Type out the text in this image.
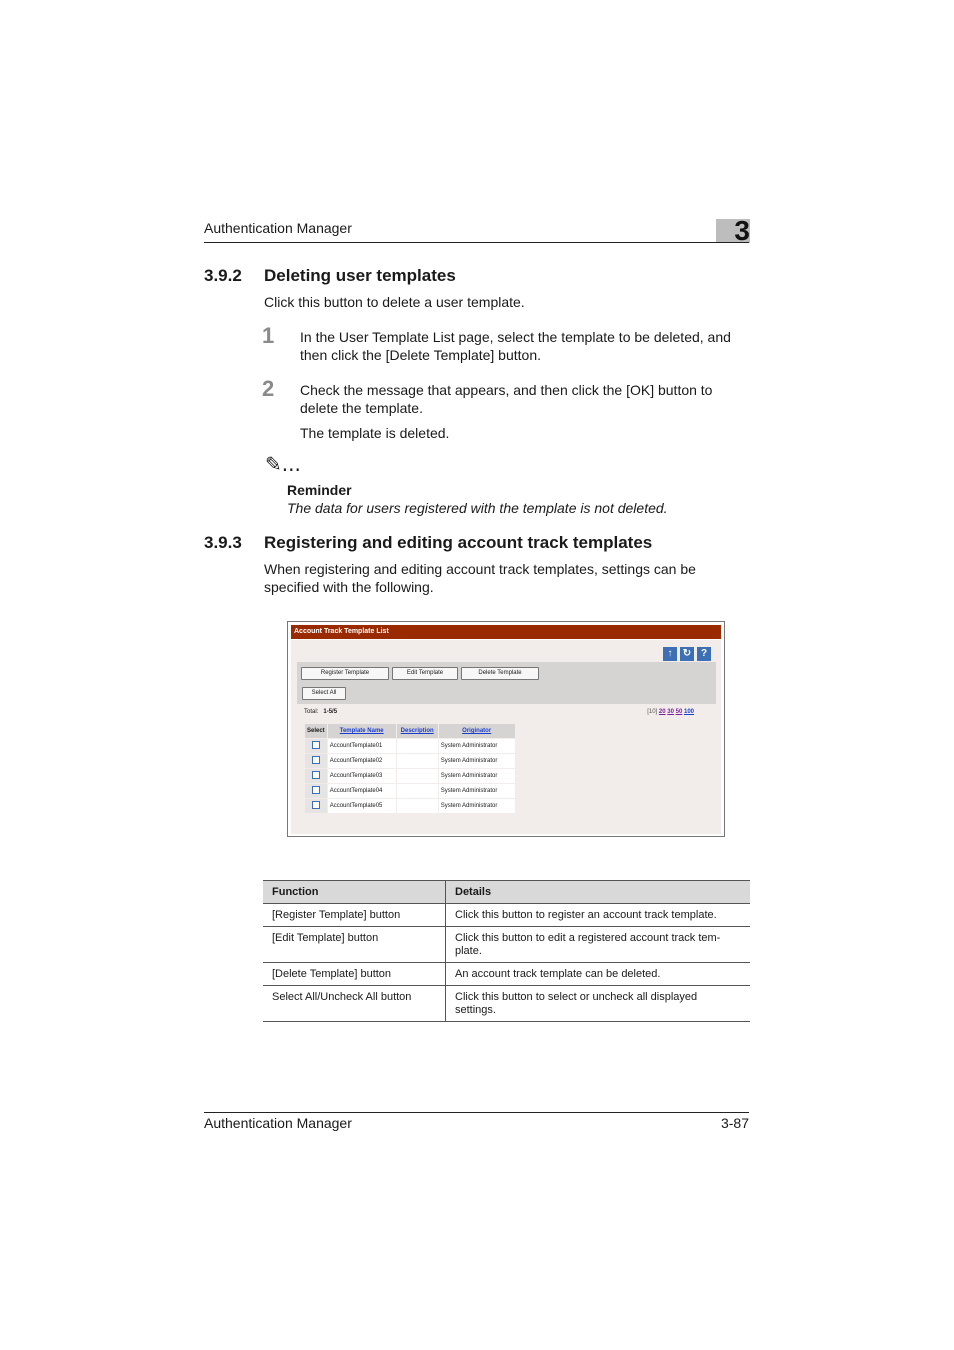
Authentication Manager	3
3.9.2 Deleting user templates
Click this button to delete a user template.
1 In the User Template List page, select the template to be deleted, and
then click the [Delete Template] button.
2 Check the message that appears, and then click the [OK] button to
delete the template.
The template is deleted.
✎...
Reminder
The data for users registered with the template is not deleted.
3.9.3 Registering and editing account track templates
When registering and editing account track templates, settings can be
specified with the following.
Account Track Template List
↑ ↻ ?
Register Template	Edit Template	Delete Template
Select All
Total: 1-5/5	[10] 20 30 50 100
Select	Template Name	Description	Originator
	AccountTemplate01		System Administrator
	AccountTemplate02		System Administrator
	AccountTemplate03		System Administrator
	AccountTemplate04		System Administrator
	AccountTemplate05		System Administrator
Function	Details
[Register Template] button	Click this button to register an account track template.
[Edit Template] button	Click this button to edit a registered account track tem-
plate.

[Delete Template] button	An account track template can be deleted.
Select All/Uncheck All button	Click this button to select or uncheck all displayed settings.
Authentication Manager	3-87
